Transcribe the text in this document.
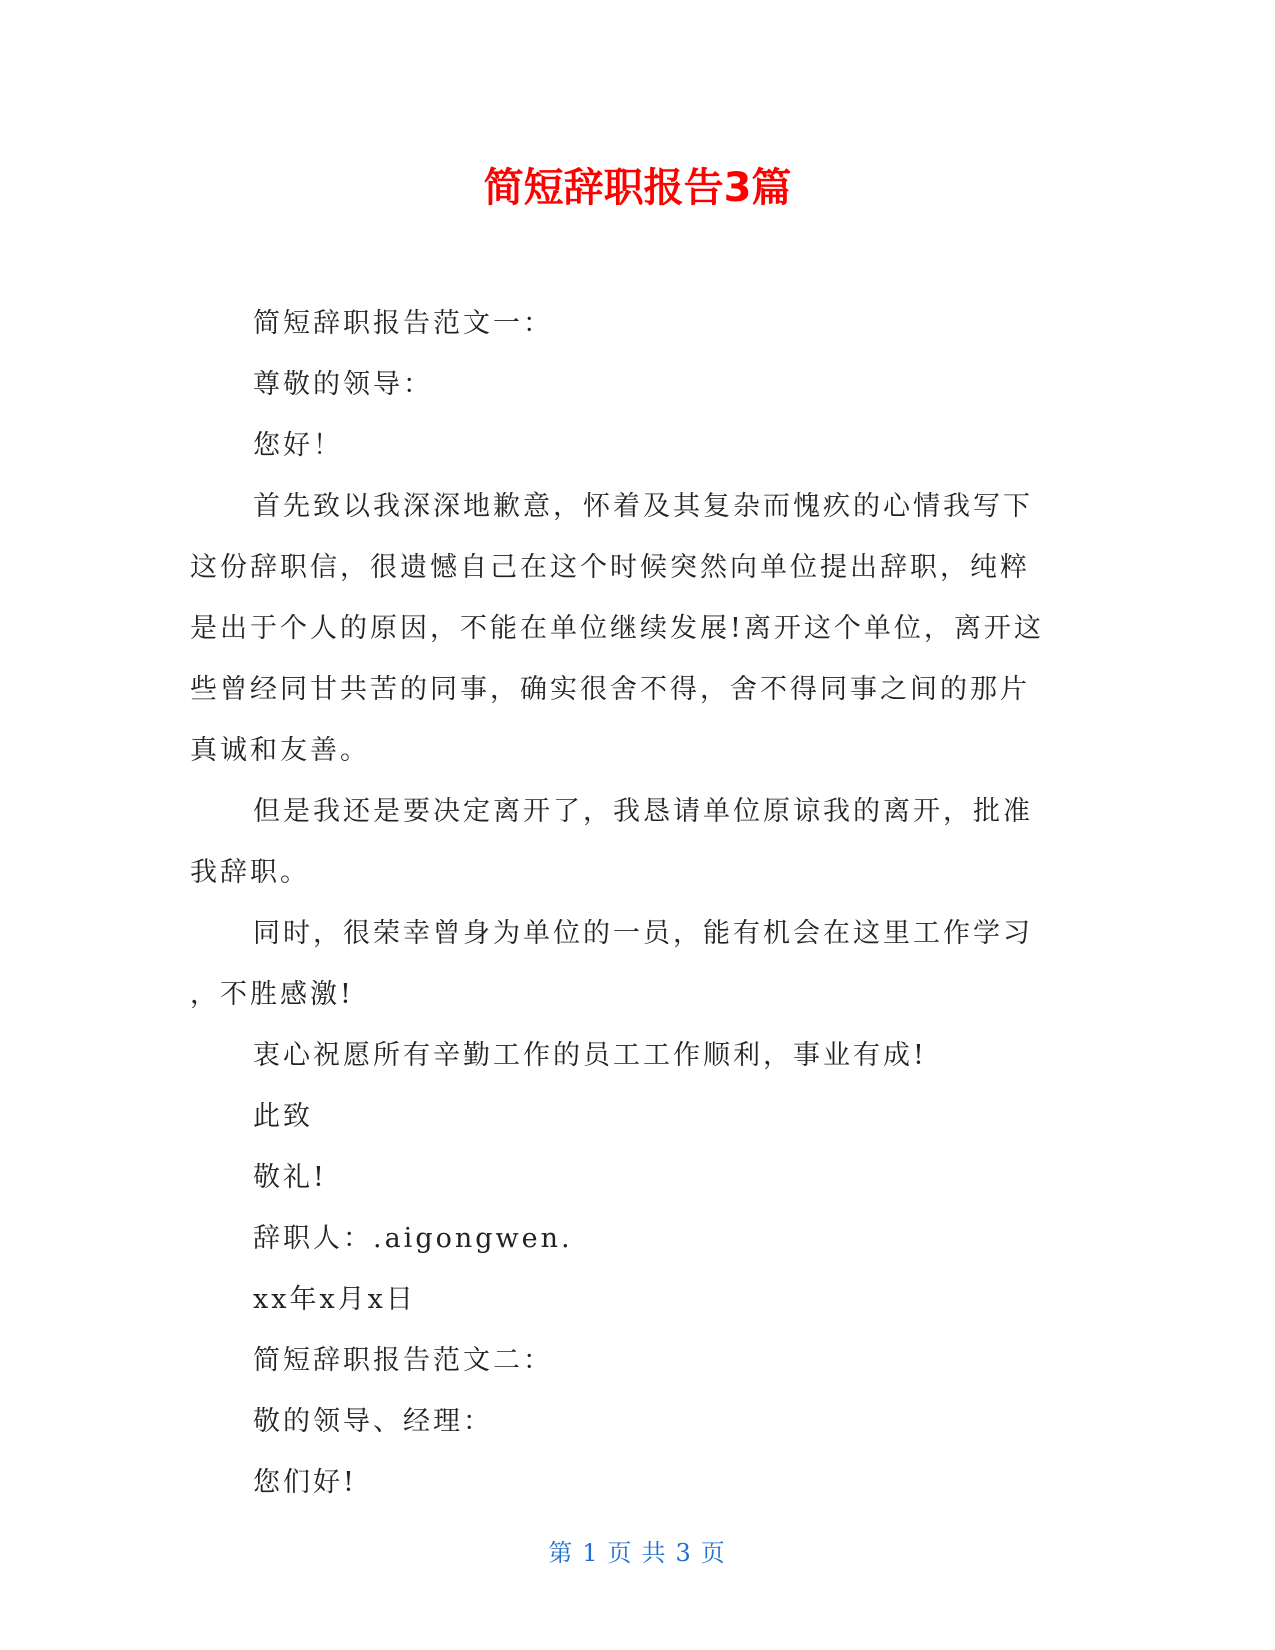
简短辞职报告3篇

简短辞职报告范文一：

尊敬的领导：

您好！

首先致以我深深地歉意，怀着及其复杂而愧疚的心情我写下

这份辞职信，很遗憾自己在这个时候突然向单位提出辞职，纯粹

是出于个人的原因，不能在单位继续发展!离开这个单位，离开这

些曾经同甘共苦的同事，确实很舍不得，舍不得同事之间的那片

真诚和友善。

但是我还是要决定离开了，我恳请单位原谅我的离开，批准

我辞职。

同时，很荣幸曾身为单位的一员，能有机会在这里工作学习

，不胜感激!

衷心祝愿所有辛勤工作的员工工作顺利，事业有成!

此致

敬礼!

辞职人：.aigongwen.

xx年x月x日

简短辞职报告范文二：

敬的领导、经理：

您们好!

第 1 页 共 3 页
